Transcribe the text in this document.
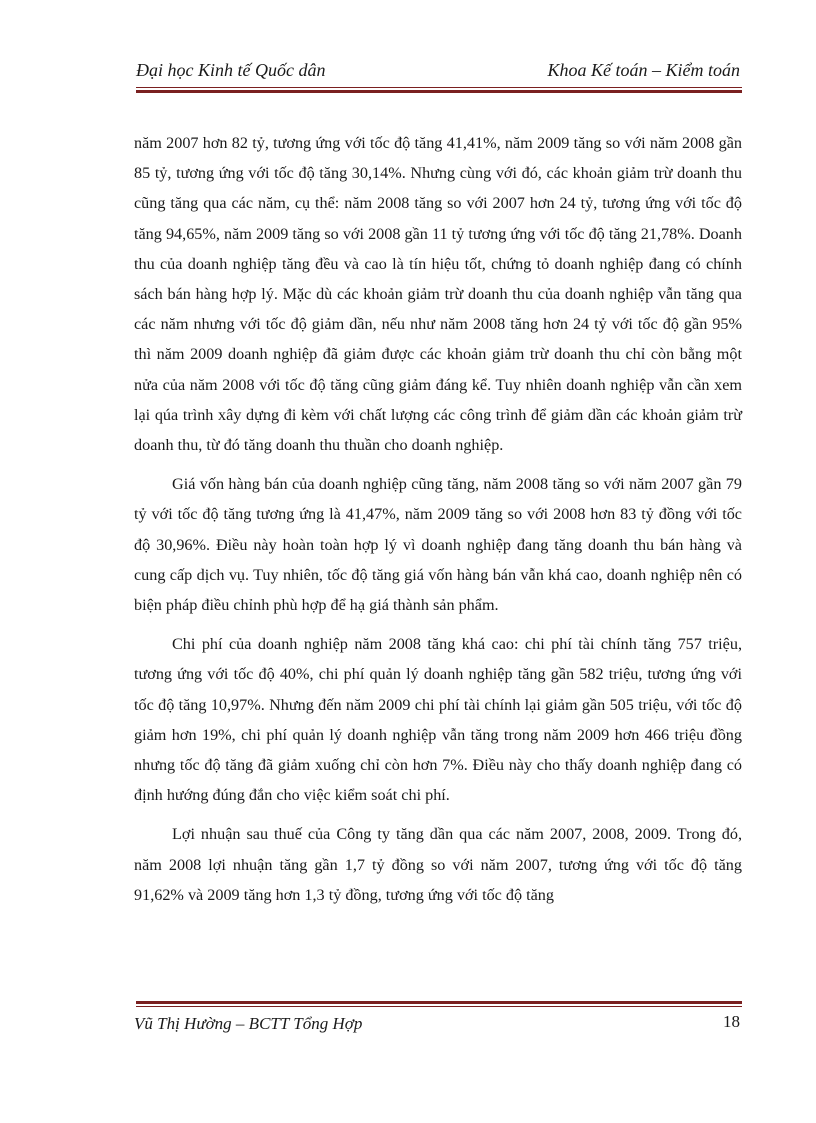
Đại học Kinh tế Quốc dân	Khoa Kế toán – Kiểm toán

năm 2007 hơn 82 tỷ, tương ứng với tốc độ tăng 41,41%, năm 2009 tăng so với năm 2008 gần 85 tỷ, tương ứng với tốc độ tăng 30,14%. Nhưng cùng với đó, các khoản giảm trừ doanh thu cũng tăng qua các năm, cụ thể: năm 2008 tăng so với 2007 hơn 24 tỷ, tương ứng với tốc độ tăng 94,65%, năm 2009 tăng so với 2008 gần 11 tỷ tương ứng với tốc độ tăng 21,78%. Doanh thu của doanh nghiệp tăng đều và cao là tín hiệu tốt, chứng tỏ doanh nghiệp đang có chính sách bán hàng hợp lý. Mặc dù các khoản giảm trừ doanh thu của doanh nghiệp vẫn tăng qua các năm nhưng với tốc độ giảm dần, nếu như năm 2008 tăng hơn 24 tỷ với tốc độ gần 95% thì năm 2009 doanh nghiệp đã giảm được các khoản giảm trừ doanh thu chỉ còn bằng một nửa của năm 2008 với tốc độ tăng cũng giảm đáng kể. Tuy nhiên doanh nghiệp vẫn cần xem lại qúa trình xây dựng đi kèm với chất lượng các công trình để giảm dần các khoản giảm trừ doanh thu, từ đó tăng doanh thu thuần cho doanh nghiệp.

Giá vốn hàng bán của doanh nghiệp cũng tăng, năm 2008 tăng so với năm 2007 gần 79 tỷ với tốc độ tăng tương ứng là 41,47%, năm 2009 tăng so với 2008 hơn 83 tỷ đồng với tốc độ 30,96%. Điều này hoàn toàn hợp lý vì doanh nghiệp đang tăng doanh thu bán hàng và cung cấp dịch vụ. Tuy nhiên, tốc độ tăng giá vốn hàng bán vẫn khá cao, doanh nghiệp nên có biện pháp điều chỉnh phù hợp để hạ giá thành sản phẩm.

Chi phí của doanh nghiệp năm 2008 tăng khá cao: chi phí tài chính tăng 757 triệu, tương ứng với tốc độ 40%, chi phí quản lý doanh nghiệp tăng gần 582 triệu, tương ứng với tốc độ tăng 10,97%. Nhưng đến năm 2009 chi phí tài chính lại giảm gần 505 triệu, với tốc độ giảm hơn 19%, chi phí quản lý doanh nghiệp vẫn tăng trong năm 2009 hơn 466 triệu đồng nhưng tốc độ tăng đã giảm xuống chỉ còn hơn 7%. Điều này cho thấy doanh nghiệp đang có định hướng đúng đắn cho việc kiểm soát chi phí.

Lợi nhuận sau thuế của Công ty tăng dần qua các năm 2007, 2008, 2009. Trong đó, năm 2008 lợi nhuận tăng gần 1,7 tỷ đồng so với năm 2007, tương ứng với tốc độ tăng 91,62% và 2009 tăng hơn 1,3 tỷ đồng, tương ứng với tốc độ tăng

Vũ Thị Hường – BCTT Tổng Hợp	18
